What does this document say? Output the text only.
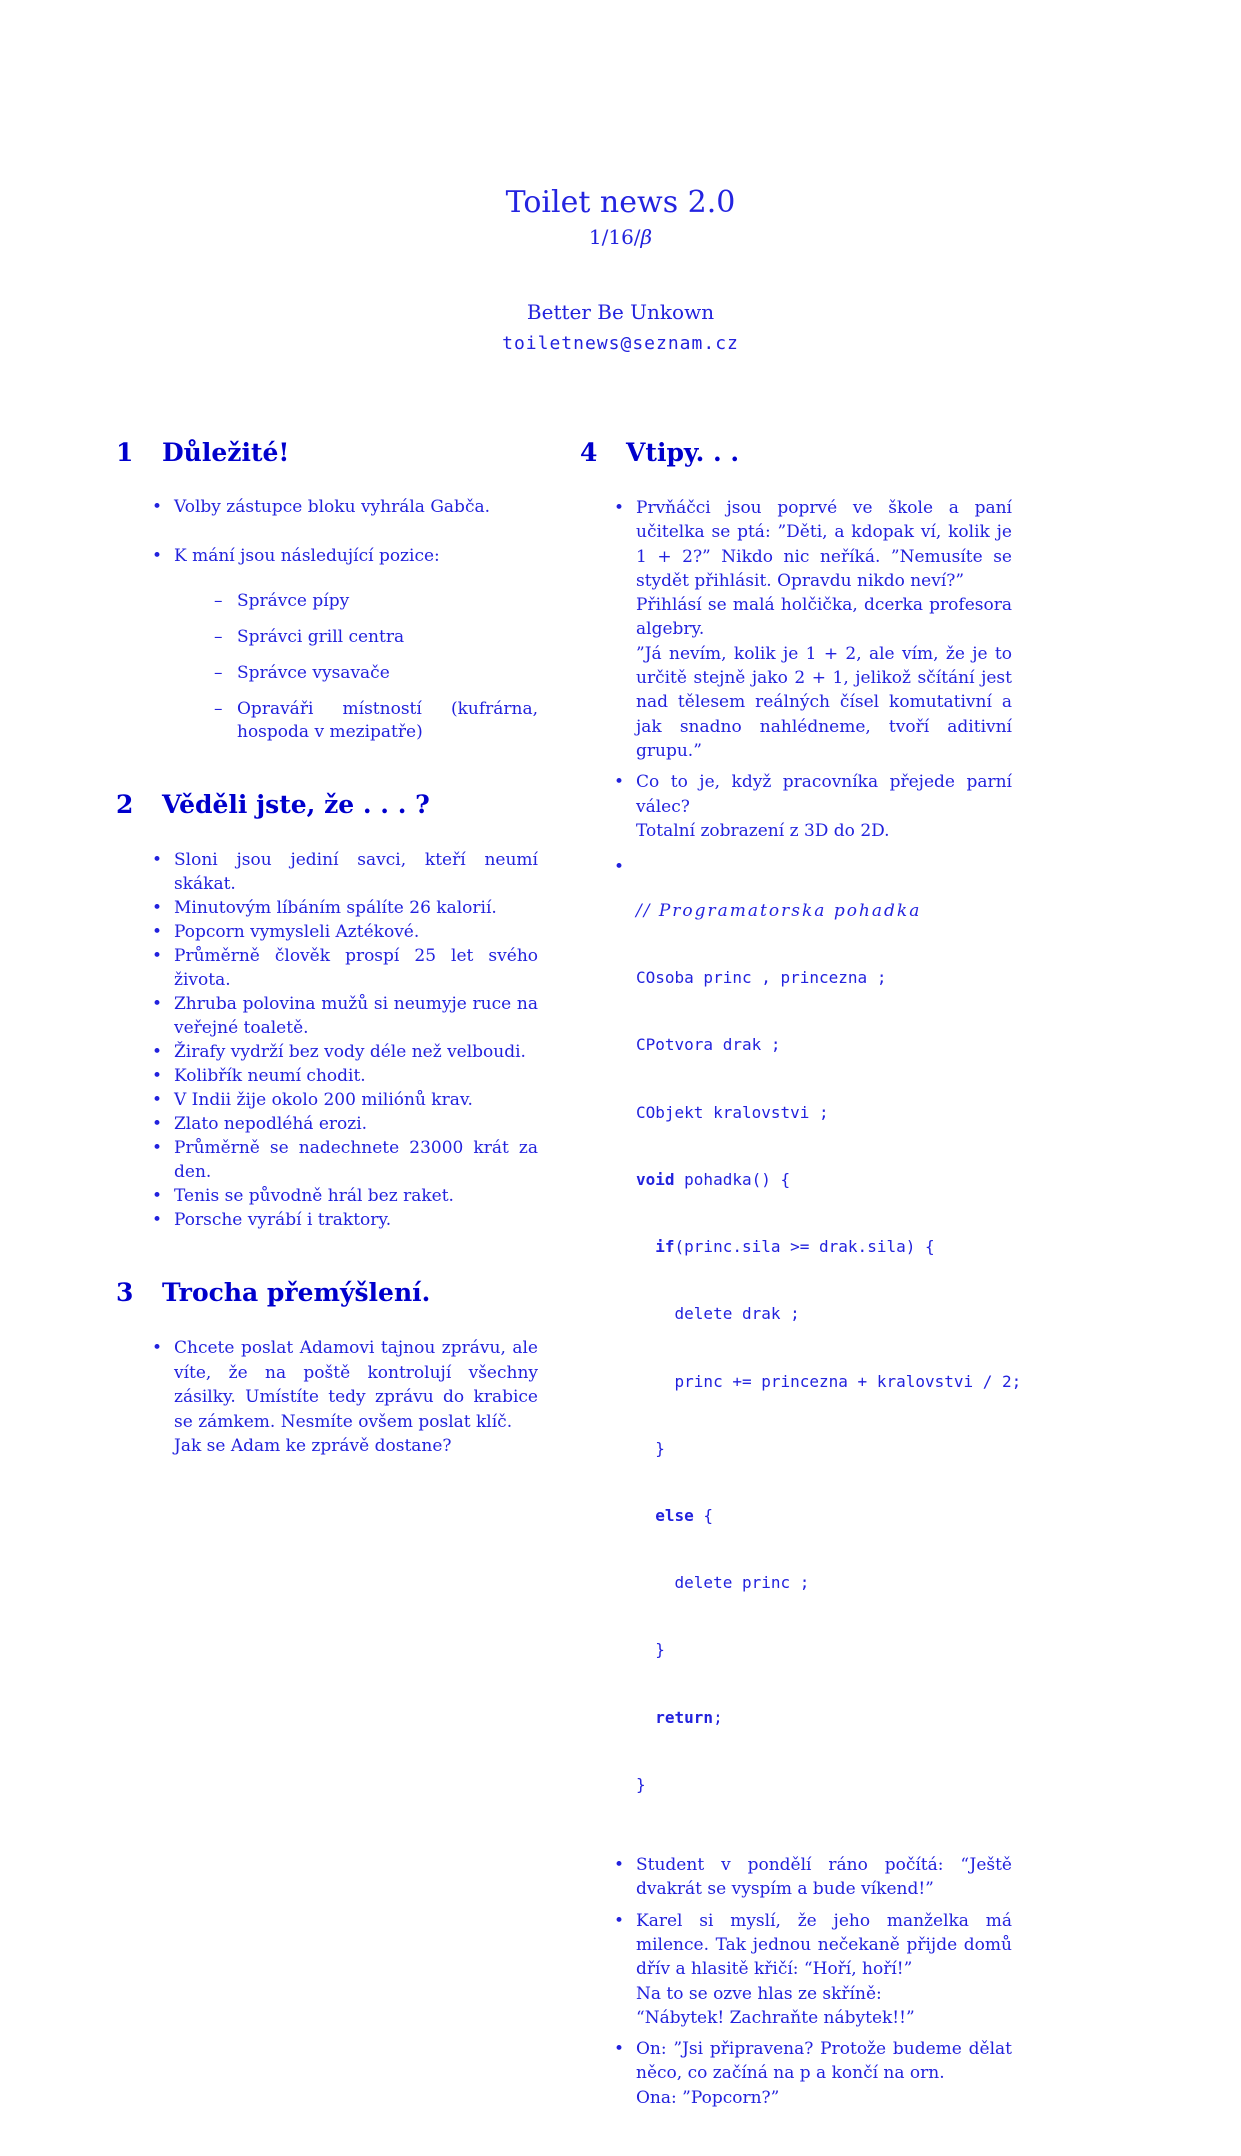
Toilet news 2.0
1/16/β
Better Be Unkown
toiletnews@seznam.cz
1	Důležité!
• Volby zástupce bloku vyhrála Gabča.
• K mání jsou následující pozice:
– Správce pípy
– Správci grill centra
– Správce vysavače
– Opraváři místností (kufrárna, hospoda v mezipatře)
2	Věděli jste, že . . . ?
• Sloni jsou jediní savci, kteří neumí skákat.
• Minutovým líbáním spálíte 26 kalorií.
• Popcorn vymysleli Aztékové.
• Průměrně člověk prospí 25 let svého života.
• Zhruba polovina mužů si neumyje ruce na veřejné toaletě.
• Žirafy vydrží bez vody déle než velboudi.
• Kolibřík neumí chodit.
• V Indii žije okolo 200 miliónů krav.
• Zlato nepodléhá erozi.
• Průměrně se nadechnete 23000 krát za den.
• Tenis se původně hrál bez raket.
• Porsche vyrábí i traktory.
3	Trocha přemýšlení.
• Chcete poslat Adamovi tajnou zprávu, ale víte, že na poště kontrolují všechny zásilky. Umístíte tedy zprávu do krabice se zámkem. Nesmíte ovšem poslat klíč.
Jak se Adam ke zprávě dostane?
4	Vtipy. . .
• Prvňáčci jsou poprvé ve škole a paní učitelka se ptá: ”Děti, a kdopak ví, kolik je 1 + 2?” Nikdo nic neříká. ”Nemusíte se stydět přihlásit. Opravdu nikdo neví?”
Přihlásí se malá holčička, dcerka profesora algebry.
”Já nevím, kolik je 1 + 2, ale vím, že je to určitě stejně jako 2 + 1, jelikož sčítání jest nad tělesem reálných čísel komutativní a jak snadno nahlédneme, tvoří aditivní grupu.”
• Co to je, když pracovníka přejede parní válec?
Totalní zobrazení z 3D do 2D.

• // Programatorska pohadka

COsoba princ , princezna ;

CPotvora drak ;

CObjekt kralovstvi ;

void pohadka() {

if(princ.sila >= drak.sila) {

delete drak ;

princ += princezna + kralovstvi / 2;

}

else {

delete princ ;

}

return;

}

• Student v pondělí ráno počítá: “Ještě dvakrát se vyspím a bude víkend!”
• Karel si myslí, že jeho manželka má milence. Tak jednou nečekaně přijde domů dřív a hlasitě křičí: “Hoří, hoří!”
Na to se ozve hlas ze skříně:
“Nábytek! Zachraňte nábytek!!”
• On: ”Jsi připravena? Protože budeme dělat něco, co začíná na p a končí na orn.
Ona: ”Popcorn?”
